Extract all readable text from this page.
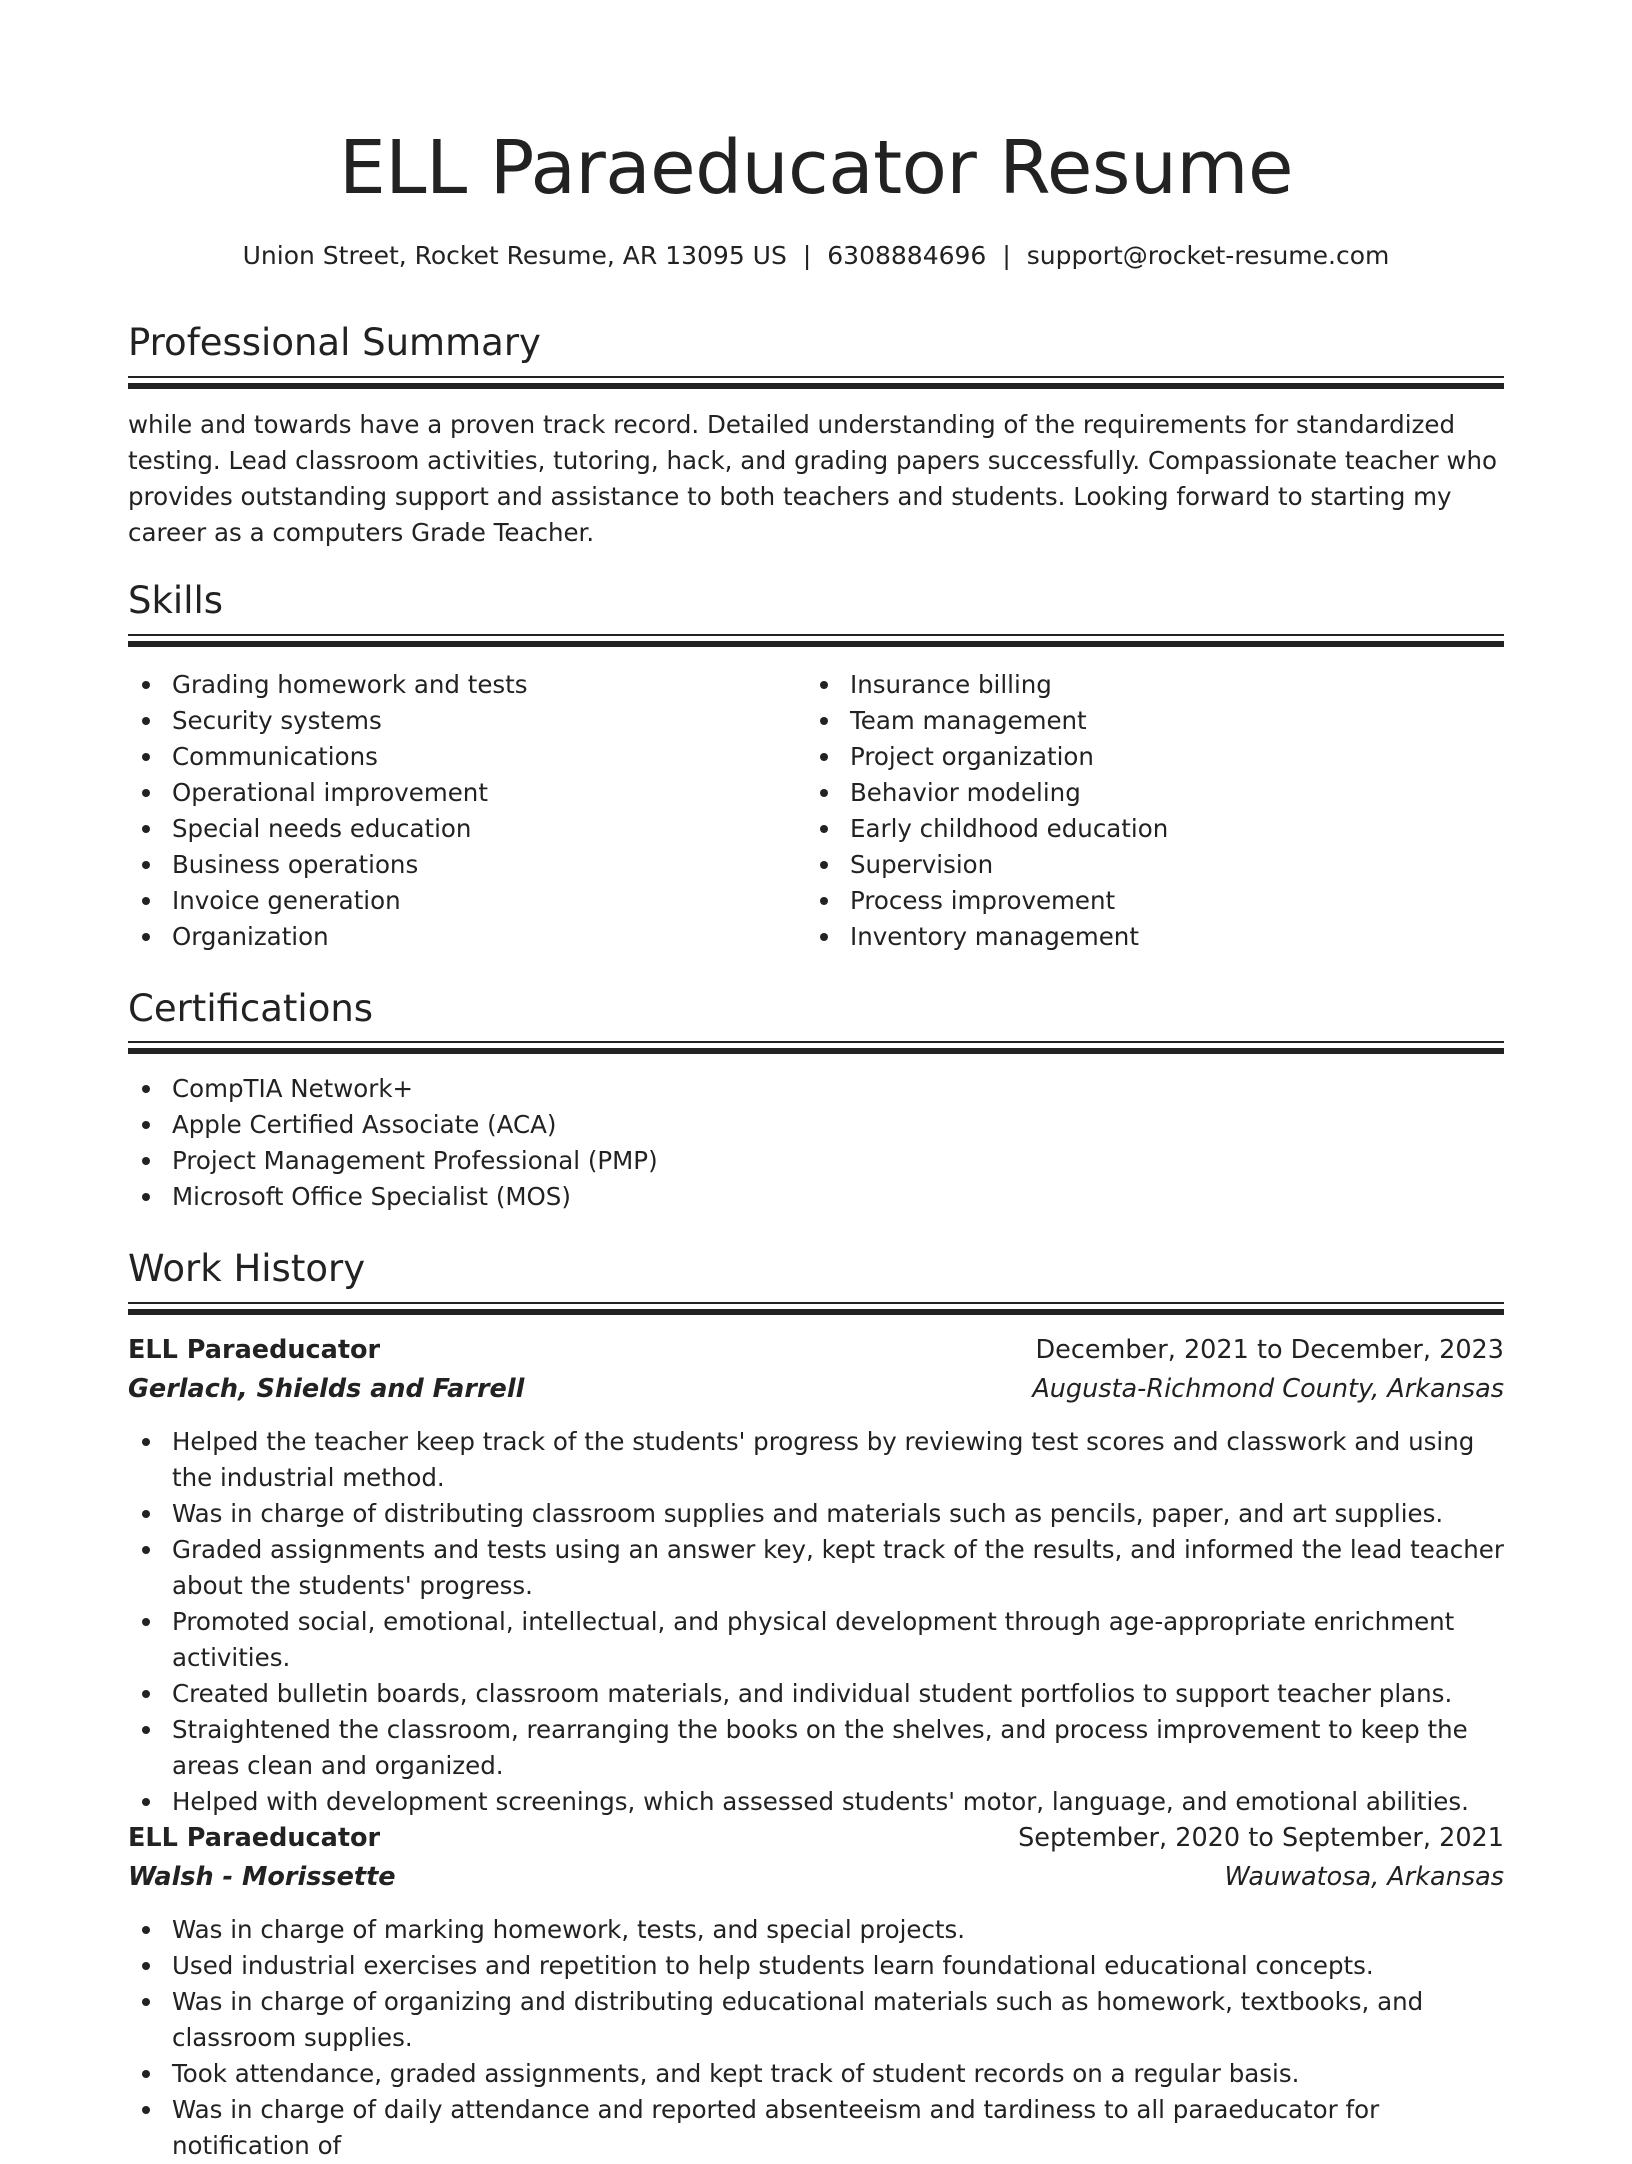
ELL Paraeducator Resume
Union Street, Rocket Resume, AR 13095 US | 6308884696 | support@rocket-resume.com
Professional Summary

while and towards have a proven track record. Detailed understanding of the requirements for standardized testing. Lead classroom activities, tutoring, hack, and grading papers successfully. Compassionate teacher who provides outstanding support and assistance to both teachers and students. Looking forward to starting my career as a computers Grade Teacher.

Skills
Grading homework and tests
Security systems
Communications
Operational improvement
Special needs education
Business operations
Invoice generation
Organization
Insurance billing
Team management
Project organization
Behavior modeling
Early childhood education
Supervision
Process improvement
Inventory management
Certifications
CompTIA Network+
Apple Certified Associate (ACA)
Project Management Professional (PMP)
Microsoft Office Specialist (MOS)
Work History
ELL Paraeducator	December, 2021 to December, 2023
Gerlach, Shields and Farrell	Augusta-Richmond County, Arkansas
Helped the teacher keep track of the students' progress by reviewing test scores and classwork and using the industrial method.
Was in charge of distributing classroom supplies and materials such as pencils, paper, and art supplies.
Graded assignments and tests using an answer key, kept track of the results, and informed the lead teacher about the students' progress.
Promoted social, emotional, intellectual, and physical development through age-appropriate enrichment activities.
Created bulletin boards, classroom materials, and individual student portfolios to support teacher plans.
Straightened the classroom, rearranging the books on the shelves, and process improvement to keep the areas clean and organized.
Helped with development screenings, which assessed students' motor, language, and emotional abilities.
ELL Paraeducator	September, 2020 to September, 2021
Walsh - Morissette	Wauwatosa, Arkansas
Was in charge of marking homework, tests, and special projects.
Used industrial exercises and repetition to help students learn foundational educational concepts.
Was in charge of organizing and distributing educational materials such as homework, textbooks, and classroom supplies.
Took attendance, graded assignments, and kept track of student records on a regular basis.
Was in charge of daily attendance and reported absenteeism and tardiness to all paraeducator for notification of
